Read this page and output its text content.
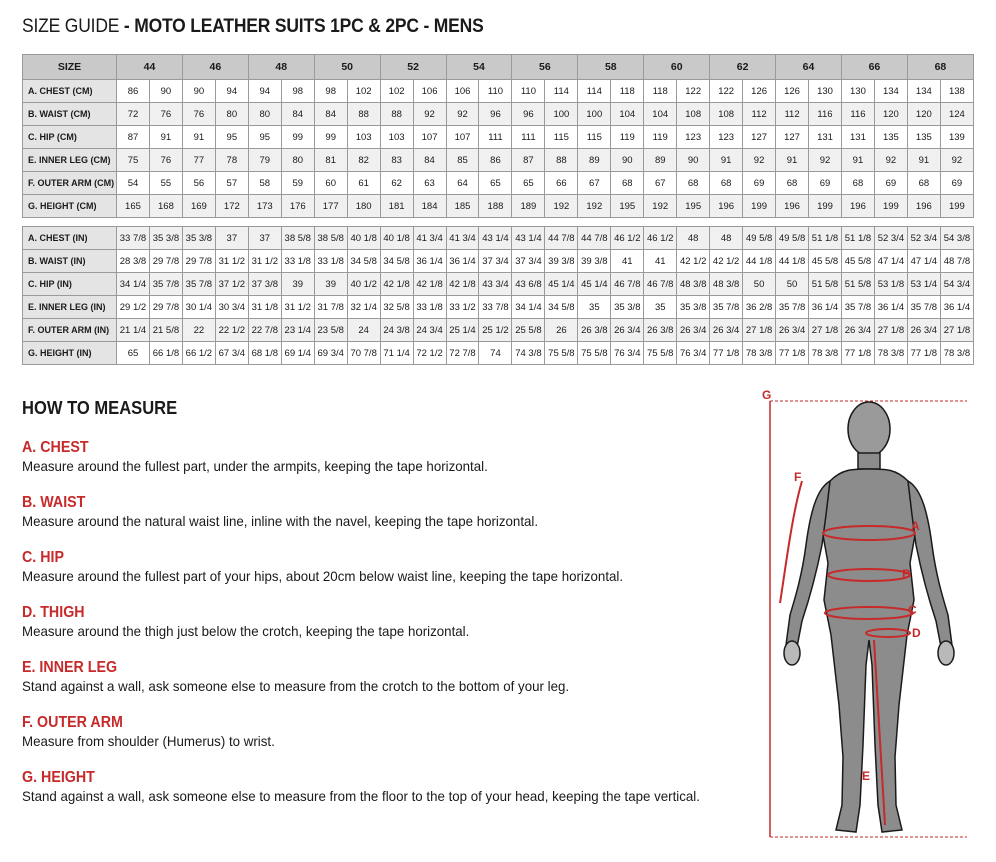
SIZE GUIDE - MOTO LEATHER SUITS 1PC & 2PC - MENS
SIZE	44		46		48		50		52		54		56		58		60		62		64		66		68	
A. CHEST (CM)	86	90	90	94	94	98	98	102	102	106	106	110	110	114	114	118	118	122	122	126	126	130	130	134	134	138
B. WAIST (CM)	72	76	76	80	80	84	84	88	88	92	92	96	96	100	100	104	104	108	108	112	112	116	116	120	120	124
C. HIP (CM)	87	91	91	95	95	99	99	103	103	107	107	111	111	115	115	119	119	123	123	127	127	131	131	135	135	139
E. INNER LEG (CM)	75	76	77	78	79	80	81	82	83	84	85	86	87	88	89	90	89	90	91	92	91	92	91	92	91	92
F. OUTER ARM (CM)	54	55	56	57	58	59	60	61	62	63	64	65	65	66	67	68	67	68	68	69	68	69	68	69	68	69
G. HEIGHT (CM)	165	168	169	172	173	176	177	180	181	184	185	188	189	192	192	195	192	195	196	199	196	199	196	199	196	199

A. CHEST (IN)	33 7/8	35 3/8	35 3/8	37	37	38 5/8	38 5/8	40 1/8	40 1/8	41 3/4	41 3/4	43 1/4	43 1/4	44 7/8	44 7/8	46 1/2	46 1/2	48	48	49 5/8	49 5/8	51 1/8	51 1/8	52 3/4	52 3/4	54 3/8
B. WAIST (IN)	28 3/8	29 7/8	29 7/8	31 1/2	31 1/2	33 1/8	33 1/8	34 5/8	34 5/8	36 1/4	36 1/4	37 3/4	37 3/4	39 3/8	39 3/8	41	41	42 1/2	42 1/2	44 1/8	44 1/8	45 5/8	45 5/8	47 1/4	47 1/4	48 7/8
C. HIP (IN)	34 1/4	35 7/8	35 7/8	37 1/2	37 3/8	39	39	40 1/2	42 1/8	42 1/8	42 1/8	43 3/4	43 6/8	45 1/4	45 1/4	46 7/8	46 7/8	48 3/8	48 3/8	50	50	51 5/8	51 5/8	53 1/8	53 1/4	54 3/4
E. INNER LEG (IN)	29 1/2	29 7/8	30 1/4	30 3/4	31 1/8	31 1/2	31 7/8	32 1/4	32 5/8	33 1/8	33 1/2	33 7/8	34 1/4	34 5/8	35	35 3/8	35	35 3/8	35 7/8	36 2/8	35 7/8	36 1/4	35 7/8	36 1/4	35 7/8	36 1/4
F. OUTER ARM (IN)	21 1/4	21 5/8	22	22 1/2	22 7/8	23 1/4	23 5/8	24	24 3/8	24 3/4	25 1/4	25 1/2	25 5/8	26	26 3/8	26 3/4	26 3/8	26 3/4	26 3/4	27 1/8	26 3/4	27 1/8	26 3/4	27 1/8	26 3/4	27 1/8
G. HEIGHT (IN)	65	66 1/8	66 1/2	67 3/4	68 1/8	69 1/4	69 3/4	70 7/8	71 1/4	72 1/2	72 7/8	74	74 3/8	75 5/8	75 5/8	76 3/4	75 5/8	76 3/4	77 1/8	78 3/8	77 1/8	78 3/8	77 1/8	78 3/8	77 1/8	78 3/8
HOW TO MEASURE
A. CHEST
Measure around the fullest part, under the armpits, keeping the tape horizontal.
B. WAIST
Measure around the natural waist line, inline with the navel, keeping the tape horizontal.
C. HIP
Measure around the fullest part of your hips, about 20cm below waist line, keeping the tape horizontal.
D. THIGH
Measure around the thigh just below the crotch, keeping the tape horizontal.
E. INNER LEG
Stand against a wall, ask someone else to measure from the crotch to the bottom of your leg.
F. OUTER ARM
Measure from shoulder (Humerus) to wrist.
G. HEIGHT
Stand against a wall, ask someone else to measure from the floor to the top of your head, keeping the tape vertical.
A
B
C
D
E
F
G
